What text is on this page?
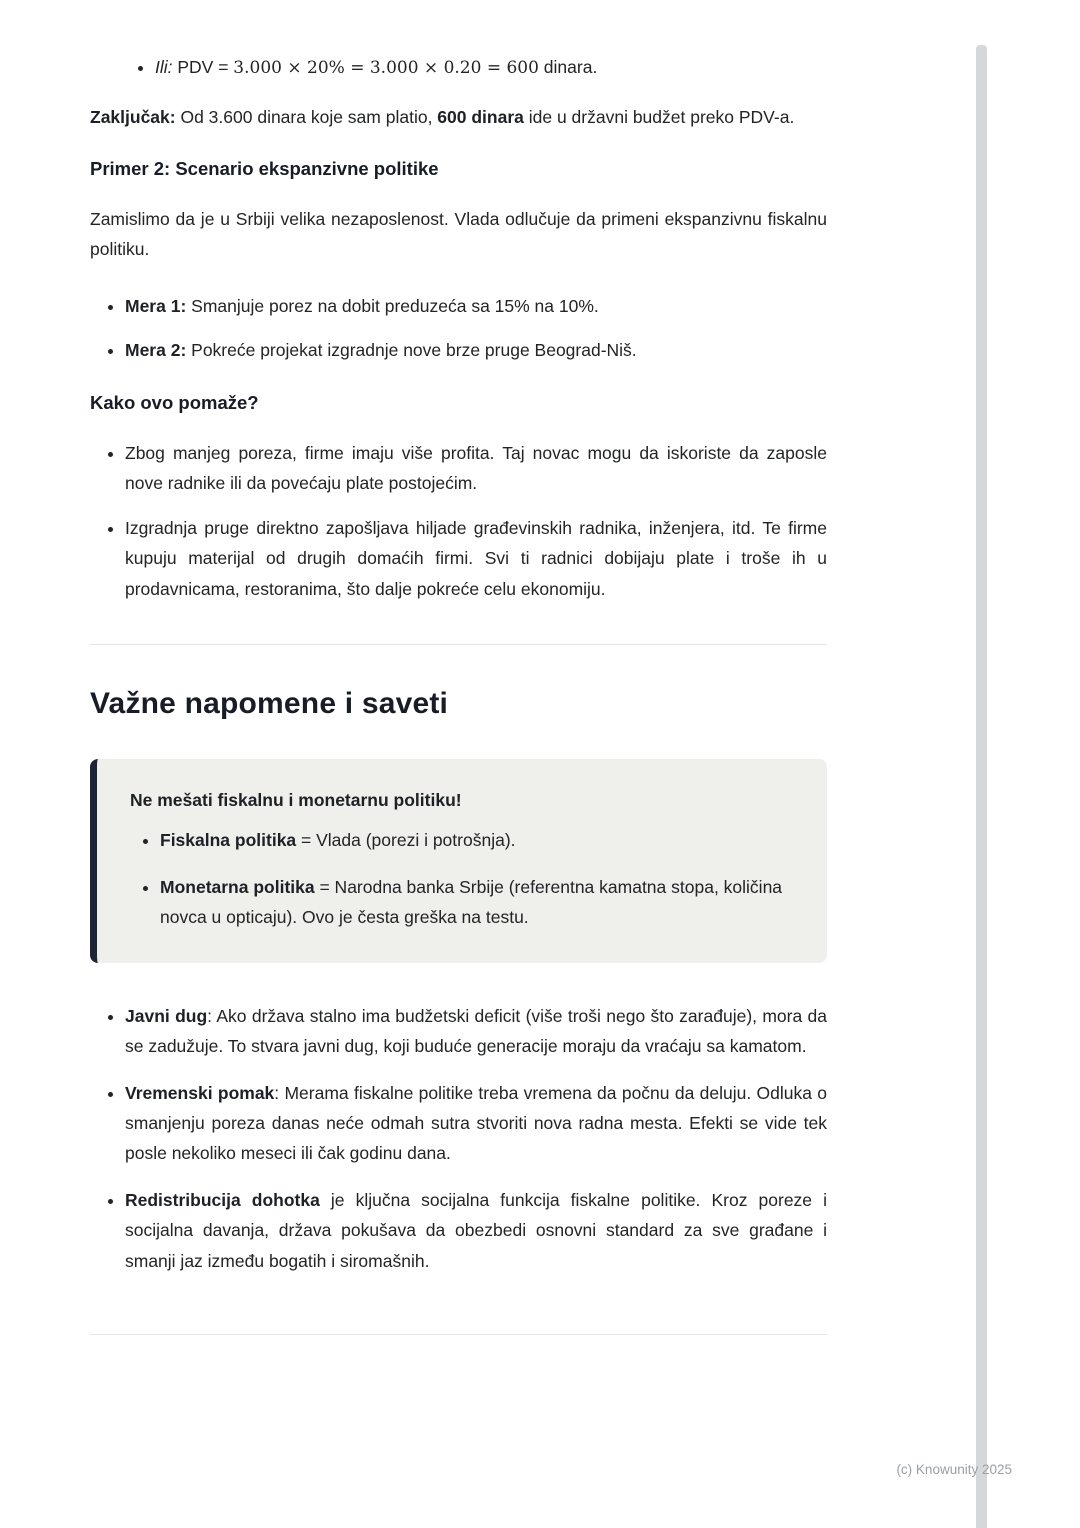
• Ili: PDV = 3.000 × 20% = 3.000 × 0.20 = 600 dinara.

Zaključak: Od 3.600 dinara koje sam platio, 600 dinara ide u državni budžet preko PDV-a.

Primer 2: Scenario ekspanzivne politike

Zamislimo da je u Srbiji velika nezaposlenost. Vlada odlučuje da primeni ekspanzivnu fiskalnu politiku.

• Mera 1: Smanjuje porez na dobit preduzeća sa 15% na 10%.
• Mera 2: Pokreće projekat izgradnje nove brze pruge Beograd-Niš.
Kako ovo pomaže?
• Zbog manjeg poreza, firme imaju više profita. Taj novac mogu da iskoriste da zaposle nove radnike ili da povećaju plate postojećim.
• Izgradnja pruge direktno zapošljava hiljade građevinskih radnika, inženjera, itd. Te firme kupuju materijal od drugih domaćih firmi. Svi ti radnici dobijaju plate i troše ih u prodavnicama, restoranima, što dalje pokreće celu ekonomiju.
Važne napomene i saveti

Ne mešati fiskalnu i monetarnu politiku!

• Fiskalna politika = Vlada (porezi i potrošnja).
• Monetarna politika = Narodna banka Srbije (referentna kamatna stopa, količina novca u opticaju). Ovo je česta greška na testu.
• Javni dug: Ako država stalno ima budžetski deficit (više troši nego što zarađuje), mora da se zadužuje. To stvara javni dug, koji buduće generacije moraju da vraćaju sa kamatom.
• Vremenski pomak: Merama fiskalne politike treba vremena da počnu da deluju. Odluka o smanjenju poreza danas neće odmah sutra stvoriti nova radna mesta. Efekti se vide tek posle nekoliko meseci ili čak godinu dana.
• Redistribucija dohotka je ključna socijalna funkcija fiskalne politike. Kroz poreze i socijalna davanja, država pokušava da obezbedi osnovni standard za sve građane i smanji jaz između bogatih i siromašnih.
(c) Knowunity 2025
